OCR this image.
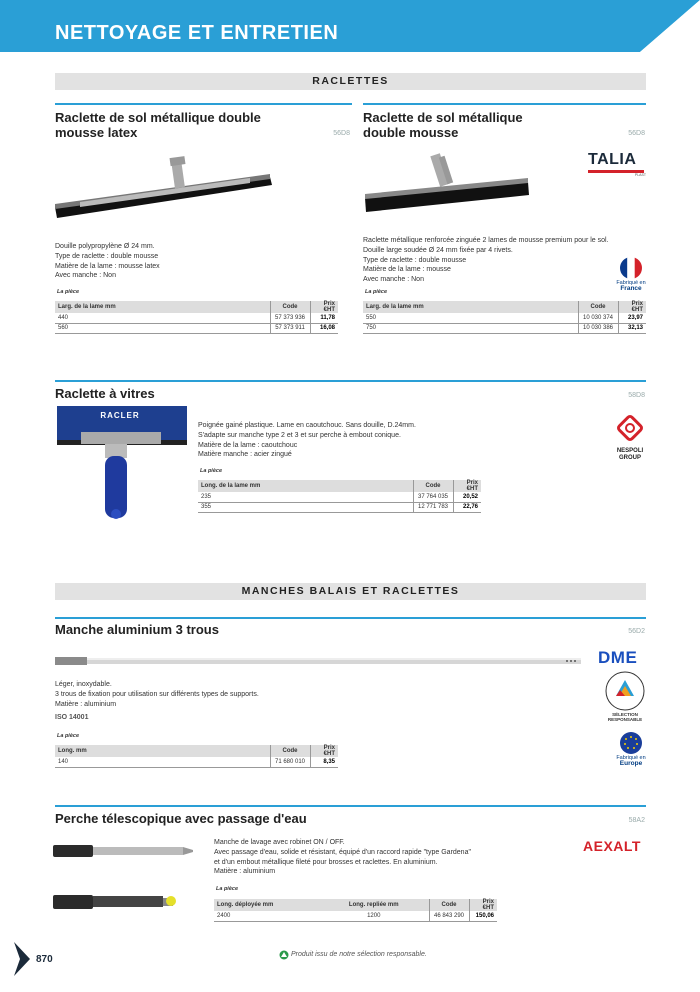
NETTOYAGE ET ENTRETIEN
RACLETTES
Raclette de sol métallique double mousse latex	56D8
Douille polypropylène Ø 24 mm.
Type de raclette : double mousse
Matière de la lame : mousse latex
Avec manche : Non
La pièce
Larg. de la lame mm	Code	Prix €HT
440	57 373 936	11,78
560	57 373 911	16,08
Raclette de sol métallique double mousse	56D8
TALIA
PLAST
Raclette métallique renforcée zinguée 2 lames de mousse premium pour le sol.
Douille large soudée Ø 24 mm fixée par 4 rivets.
Type de raclette : double mousse
Matière de la lame : mousse
Avec manche : Non	Fabriqué en
France
La pièce
Larg. de la lame mm	Code	Prix €HT
550	10 030 374	23,97
750	10 030 386	32,13
Raclette à vitres	58D8
RACLER
Poignée gainé plastique. Lame en caoutchouc. Sans douille, D.24mm.
S'adapte sur manche type 2 et 3 et sur perche à embout conique.
Matière de la lame : caoutchouc
Matière manche : acier zingué
NESPOLI GROUP
La pièce
Long. de la lame mm	Code	Prix €HT
235	37 764 035	20,52
355	12 771 783	22,76
MANCHES BALAIS ET RACLETTES
Manche aluminium 3 trous	56D2
DME
SÉLECTION RESPONSABLE
Léger, inoxydable.
3 trous de fixation pour utilisation sur différents types de supports.
Matière : aluminium
ISO 14001
Fabriqué en
Europe
La pièce
Long. mm	Code	Prix €HT
140	71 680 010	8,35
Perche télescopique avec passage d'eau	58A2
AEXALT
Manche de lavage avec robinet ON / OFF.
Avec passage d'eau, solide et résistant, équipé d'un raccord rapide "type Gardena"
et d'un embout métallique fileté pour brosses et raclettes. En aluminium.
Matière : aluminium
La pièce
Long. déployée mm	Long. repliée mm	Code	Prix €HT
2400	1200	46 843 290	150,06
870	Produit issu de notre sélection responsable.
